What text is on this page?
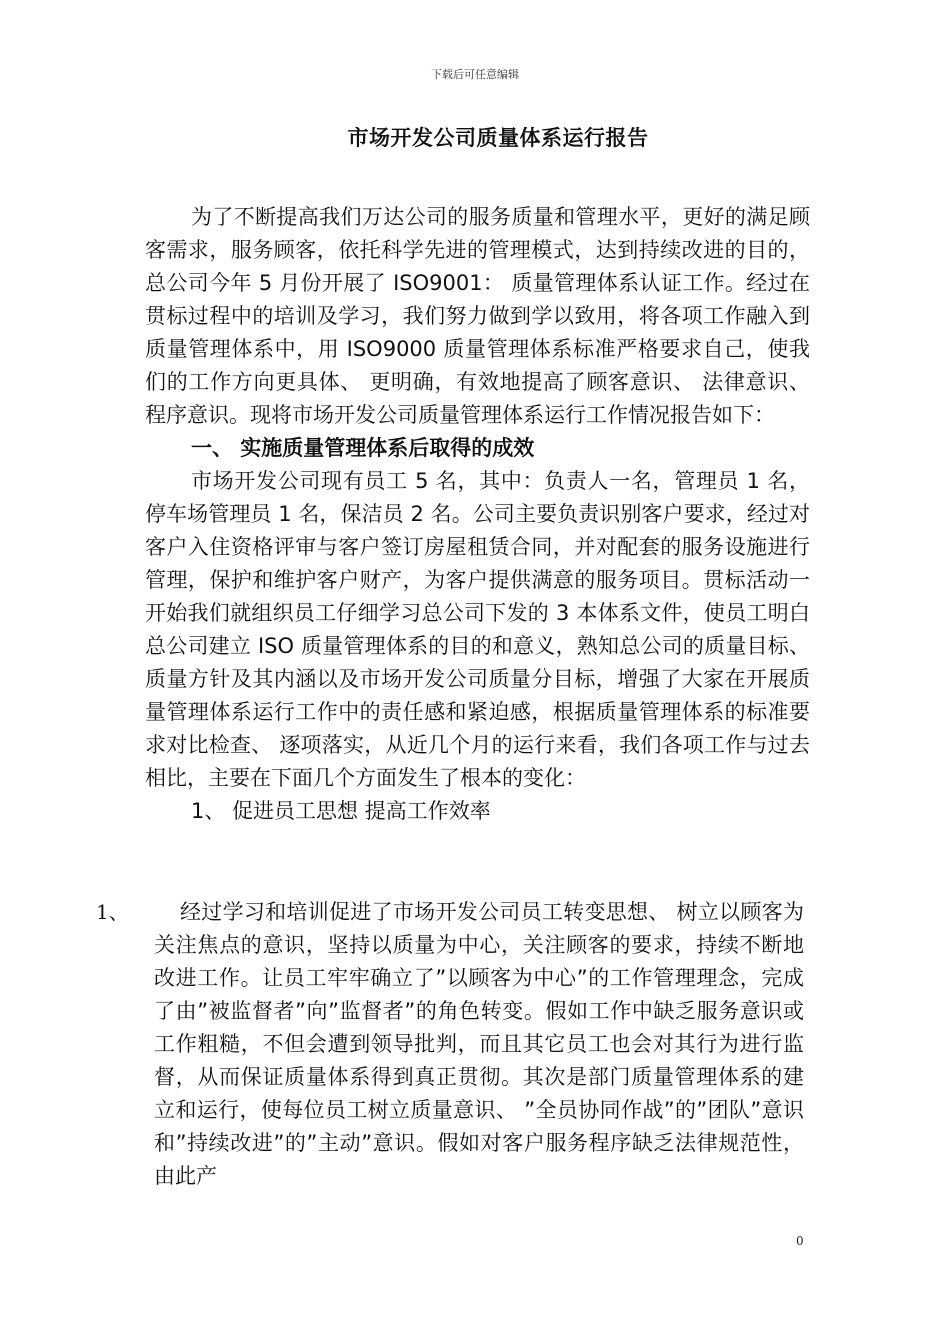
下载后可任意编辑
市场开发公司质量体系运行报告

为了不断提高我们万达公司的服务质量和管理水平，更好的满足顾客需求，服务顾客，依托科学先进的管理模式，达到持续改进的目的，总公司今年 5 月份开展了 ISO9001： 质量管理体系认证工作。经过在贯标过程中的培训及学习，我们努力做到学以致用，将各项工作融入到质量管理体系中，用 ISO9000 质量管理体系标准严格要求自己，使我们的工作方向更具体、 更明确，有效地提高了顾客意识、 法律意识、 程序意识。现将市场开发公司质量管理体系运行工作情况报告如下：

一、 实施质量管理体系后取得的成效

市场开发公司现有员工 5 名，其中：负责人一名，管理员 1 名，停车场管理员 1 名，保洁员 2 名。公司主要负责识别客户要求，经过对客户入住资格评审与客户签订房屋租赁合同，并对配套的服务设施进行管理，保护和维护客户财产，为客户提供满意的服务项目。贯标活动一开始我们就组织员工仔细学习总公司下发的 3 本体系文件，使员工明白总公司建立 ISO 质量管理体系的目的和意义，熟知总公司的质量目标、 质量方针及其内涵以及市场开发公司质量分目标，增强了大家在开展质量管理体系运行工作中的责任感和紧迫感，根据质量管理体系的标准要求对比检查、 逐项落实，从近几个月的运行来看，我们各项工作与过去相比，主要在下面几个方面发生了根本的变化：

1、 促进员工思想 提高工作效率

1、	经过学习和培训促进了市场开发公司员工转变思想、 树立以顾客为关注焦点的意识，坚持以质量为中心，关注顾客的要求，持续不断地改进工作。让员工牢牢确立了”以顾客为中心”的工作管理理念，完成了由”被监督者”向”监督者”的角色转变。假如工作中缺乏服务意识或工作粗糙，不但会遭到领导批判，而且其它员工也会对其行为进行监督，从而保证质量体系得到真正贯彻。其次是部门质量管理体系的建立和运行，使每位员工树立质量意识、 ”全员协同作战”的”团队”意识和”持续改进”的”主动”意识。假如对客户服务程序缺乏法律规范性，由此产

0
